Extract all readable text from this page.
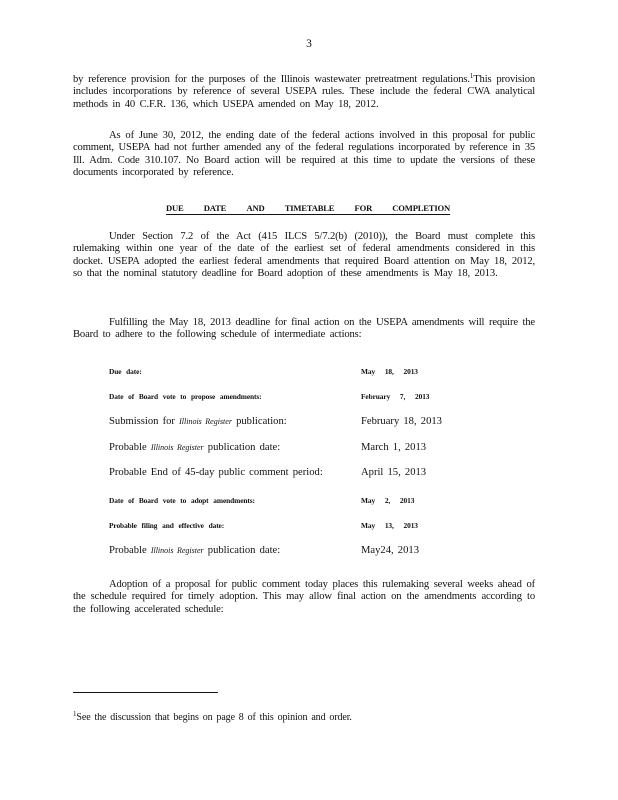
3

by reference provision for the purposes of the Illinois wastewater pretreatment regulations.$^1$This provision includes incorporations by reference of several USEPA rules. These include the federal CWA analytical methods in 40 C.F.R. 136, which USEPA amended on May 18, 2012.

As of June 30, 2012, the ending date of the federal actions involved in this proposal for public comment, USEPA had not further amended any of the federal regulations incorporated by reference in 35 Ill. Adm. Code 310.107. No Board action will be required at this time to update the versions of these documents incorporated by reference.

DUE DATE AND TIMETABLE FOR COMPLETION

Under Section 7.2 of the Act (415 ILCS 5/7.2(b) (2010)), the Board must complete this rulemaking within one year of the date of the earliest set of federal amendments considered in this docket. USEPA adopted the earliest federal amendments that required Board attention on May 18, 2012, so that the nominal statutory deadline for Board adoption of these amendments is May 18, 2013.

Fulfilling the May 18, 2013 deadline for final action on the USEPA amendments will require the Board to adhere to the following schedule of intermediate actions:

Due date:	May 18, 2013
Date of Board vote to propose amendments:	February 7, 2013
Submission for Illinois Register publication:	February 18, 2013
Probable Illinois Register publication date:	March 1, 2013
Probable End of 45-day public comment period:	April 15, 2013
Date of Board vote to adopt amendments:	May 2, 2013
Probable filing and effective date:	May 13, 2013
Probable Illinois Register publication date:	May24, 2013

Adoption of a proposal for public comment today places this rulemaking several weeks ahead of the schedule required for timely adoption. This may allow final action on the amendments according to the following accelerated schedule:

$^1$See the discussion that begins on page 8 of this opinion and order.
